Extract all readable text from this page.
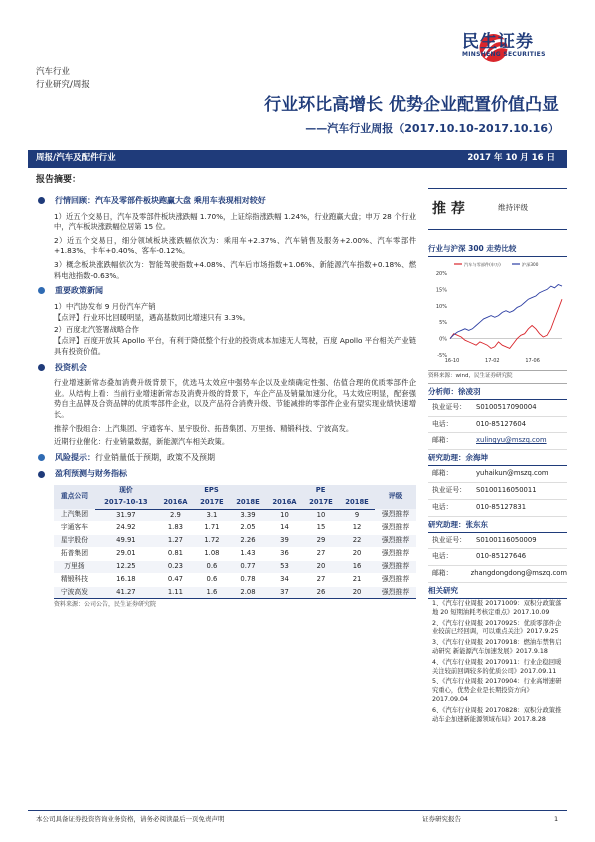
民生证券
MINSHENG SECURITIES
汽车行业
行业研究/周报
行业环比高增长 优势企业配置价值凸显
——汽车行业周报（2017.10.10-2017.10.16）
周报/汽车及配件行业	2017 年 10 月 16 日
报告摘要：
行情回顾：汽车及零部件板块跑赢大盘 乘用车表现相对较好
1）近五个交易日，汽车及零部件板块涨跌幅 1.70%，上证综指涨跌幅 1.24%，行业跑赢大盘；申万 28 个行业中，汽车板块涨跌幅位居第 15 位。
2）近五个交易日，细分领域板块涨跌幅依次为：乘用车+2.37%、汽车销售及服务+2.00%、汽车零部件+1.83%、卡车+0.40%、客车-0.12%。
3）概念板块涨跌幅依次为：智能驾驶指数+4.08%、汽车后市场指数+1.06%、新能源汽车指数+0.18%、燃料电池指数-0.63%。
重要政策新闻
1）中汽协发布 9 月份汽车产销
【点评】行业环比回暖明显，遇高基数同比增速只有 3.3%。
2）百度北汽签署战略合作
【点评】百度开放其 Apollo 平台，有利于降低整个行业的投资成本加速无人驾驶，百度 Apollo 平台相关产业链具有投资价值。
投资机会
行业增速新常态叠加消费升级背景下，优选马太效应中强势车企以及业绩确定性强、估值合理的优质零部件企业。从结构上看：当前行业增速新常态及消费升级的背景下，车企产品及销量加速分化，马太效应明显，配套强势自主品牌及合资品牌的优质零部件企业，以及产品符合消费升级、节能减排的零部件企业有望实现业绩快速增长。
推荐个股组合：上汽集团、宇通客车、星宇股份、拓普集团、万里扬、精锻科技、宁波高发。
近期行业催化：行业销量数据，新能源汽车相关政策。
风险提示： 行业销量低于预期，政策不及预期
盈利预测与财务指标
重点公司	现价	EPS			PE			评级
	2017-10-13	2016A	2017E	2018E	2016A	2017E	2018E	
上汽集团	31.97	2.9	3.1	3.39	10	10	9	强烈推荐
宇通客车	24.92	1.83	1.71	2.05	14	15	12	强烈推荐
星宇股份	49.91	1.27	1.72	2.26	39	29	22	强烈推荐
拓普集团	29.01	0.81	1.08	1.43	36	27	20	强烈推荐
万里扬	12.25	0.23	0.6	0.77	53	20	16	强烈推荐
精锻科技	16.18	0.47	0.6	0.78	34	27	21	强烈推荐
宁波高发	41.27	1.11	1.6	2.08	37	26	20	强烈推荐
资料来源：公司公告，民生证券研究院
推 荐	维持评级
行业与沪深 300 走势比较
20%
15%
10%
5%
0%
-5%
16-10	17-02	17-06
汽车与零部件(申万)	沪深300
资料来源：wind，民生证券研究院
分析师：徐凌羽
执业证号：	S0100517090004
电话：	010-85127604
邮箱：	xulingyu@mszq.com
研究助理：余海坤
邮箱：	yuhaikun@mszq.com
执业证号：	S0100116050011
电话：	010-85127831
研究助理：张东东
执业证号：	S0100116050009
电话：	010-85127646
邮箱：	zhangdongdong@mszq.com
相关研究
1、《汽车行业周报 20171009：双积分政策落地 20 短期油耗考核定重点》2017.10.09
2、《汽车行业周报 20170925：优质零部件企业较前已经回调，可以重点关注》2017.9.25
3、《汽车行业周报 20170918：燃油车禁售启动研究 新能源汽车加速发展》2017.9.18
4、《汽车行业周报 20170911：行业企稳回暖 关注较前回调较多的优质公司》2017.09.11
5、《汽车行业周报 20170904：行业高增速研究重心，优势企业是长期投资方向》2017.09.04
6、《汽车行业周报 20170828：双积分政策推动车企加速新能源领域布局》2017.8.28
本公司具备证券投资咨询业务资格，请务必阅读最后一页免责声明	证券研究报告	1
